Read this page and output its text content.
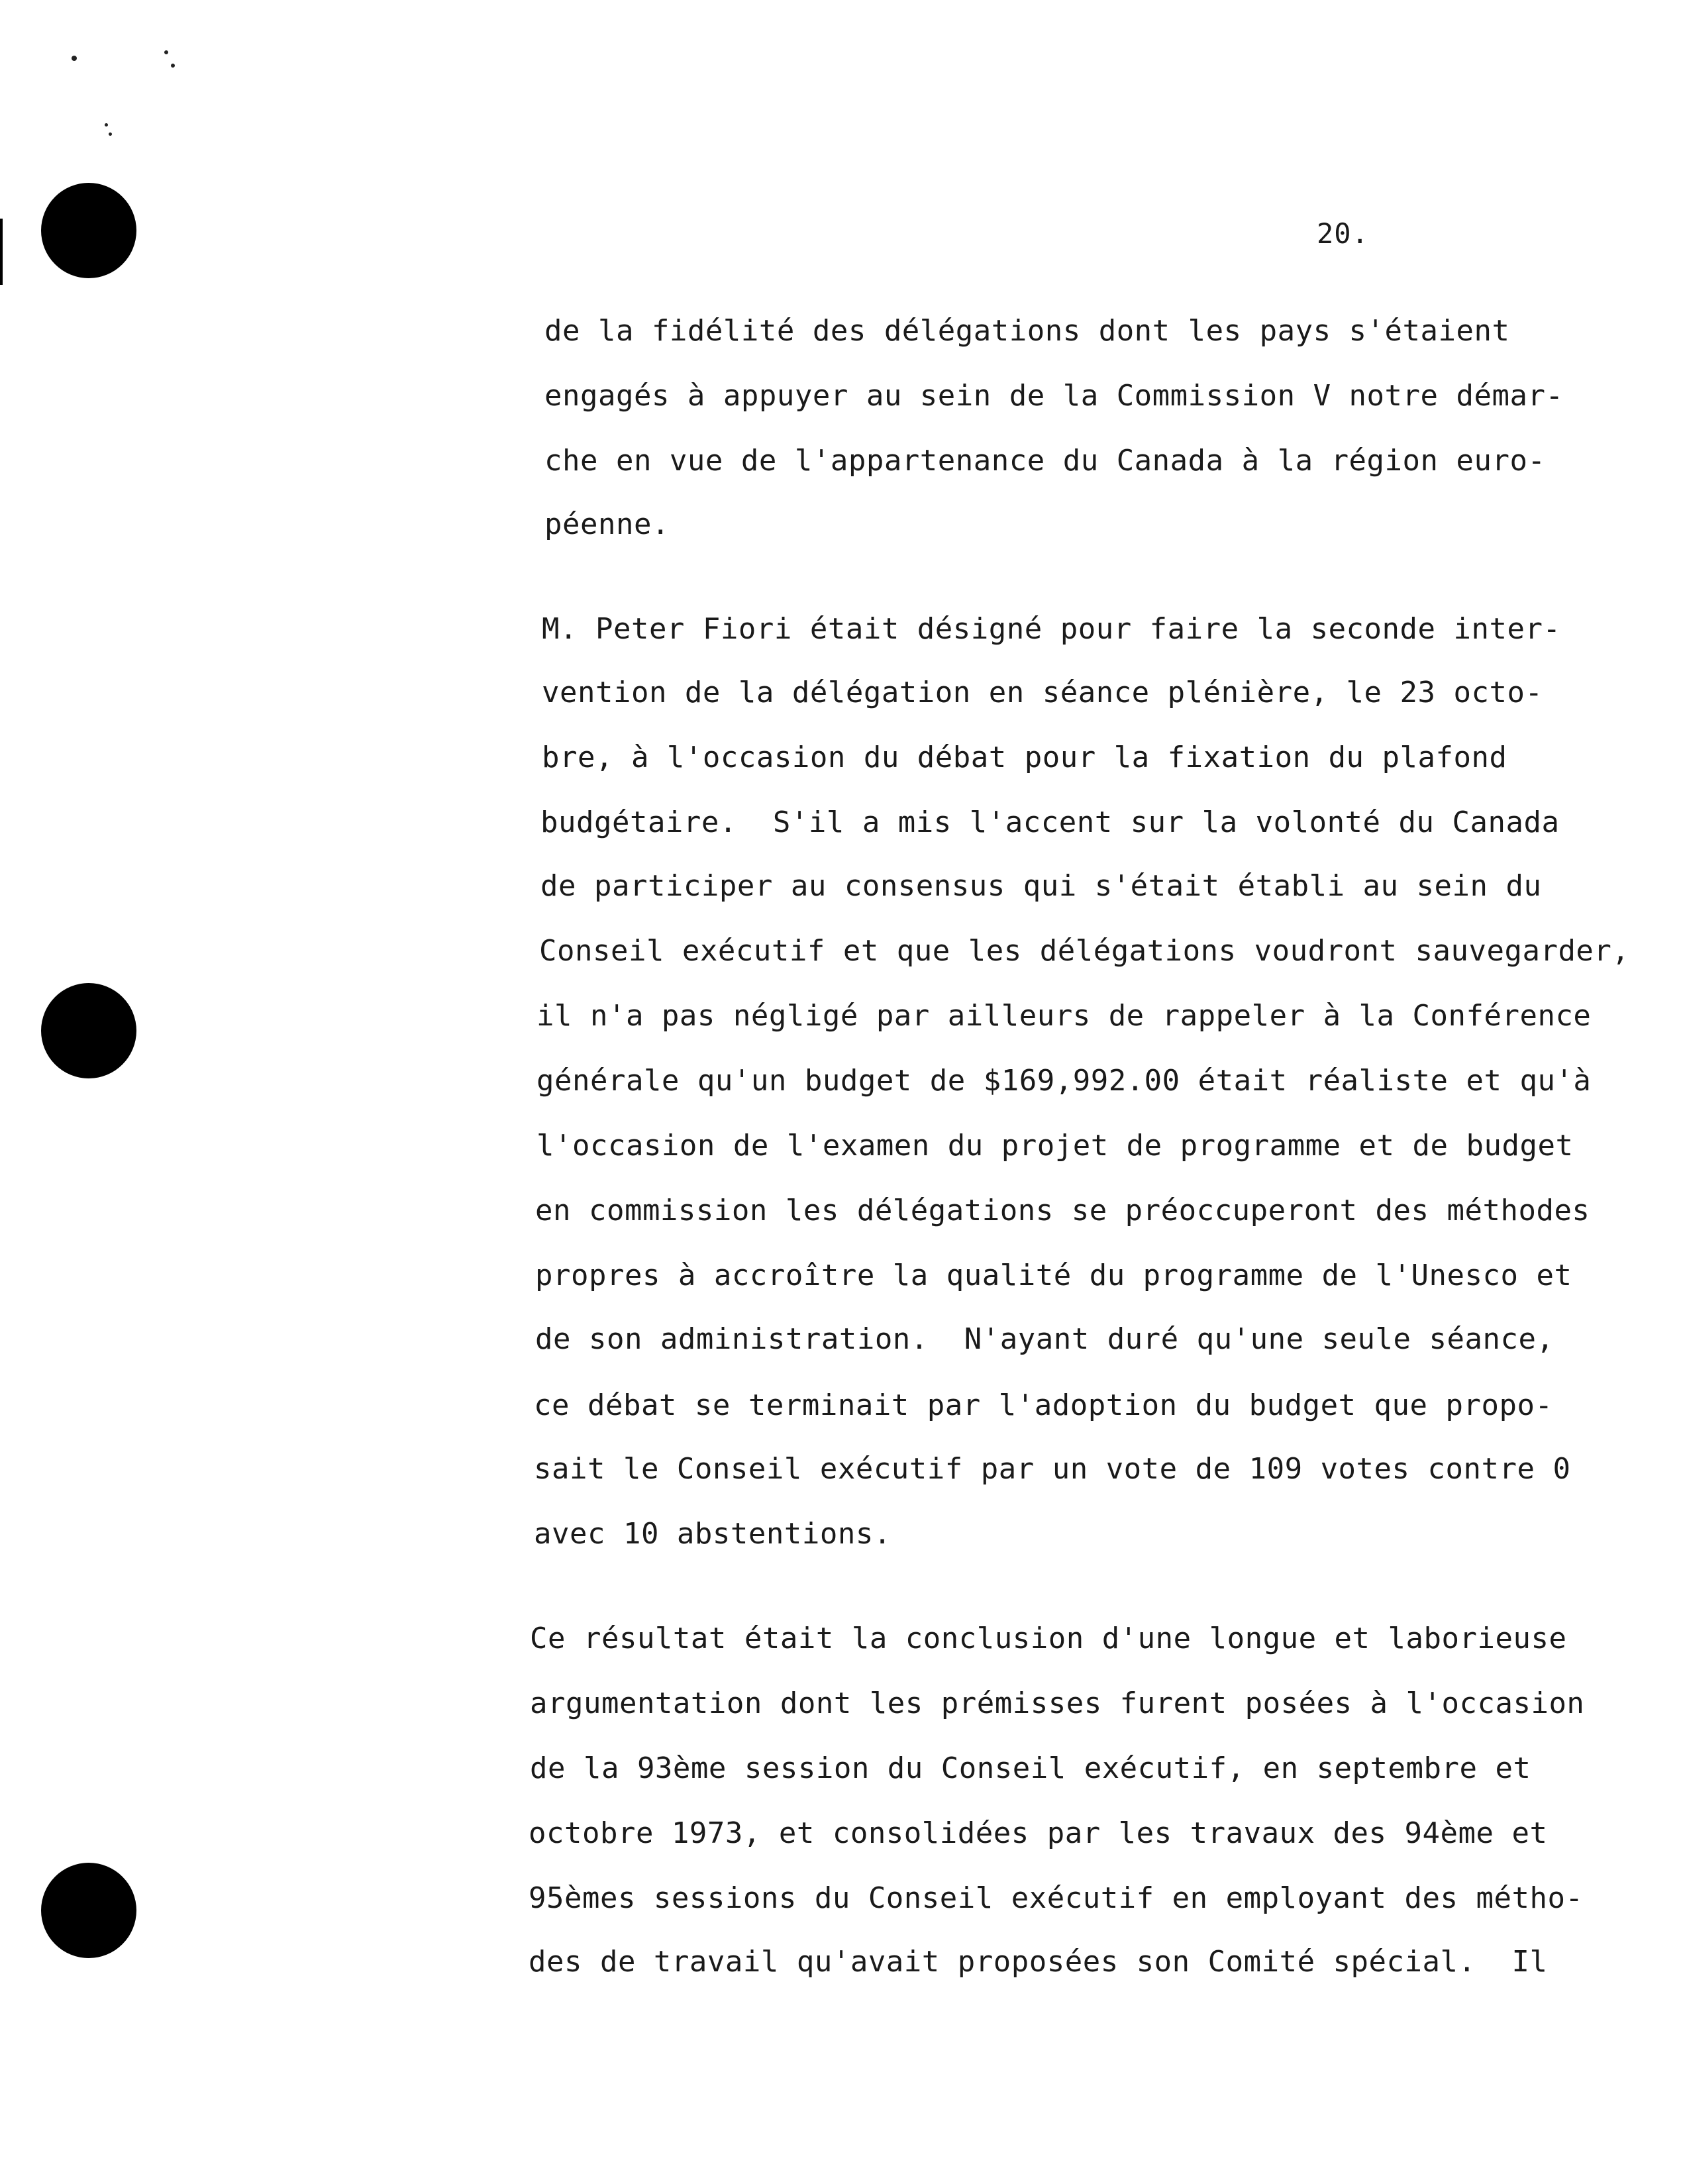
20.
de la fidélité des délégations dont les pays s'étaient
engagés à appuyer au sein de la Commission V notre démar-
che en vue de l'appartenance du Canada à la région euro-
péenne.
M. Peter Fiori était désigné pour faire la seconde inter-
vention de la délégation en séance plénière, le 23 octo-
bre, à l'occasion du débat pour la fixation du plafond
budgétaire.  S'il a mis l'accent sur la volonté du Canada
de participer au consensus qui s'était établi au sein du
Conseil exécutif et que les délégations voudront sauvegarder,
il n'a pas négligé par ailleurs de rappeler à la Conférence
générale qu'un budget de $169,992.00 était réaliste et qu'à
l'occasion de l'examen du projet de programme et de budget
en commission les délégations se préoccuperont des méthodes
propres à accroître la qualité du programme de l'Unesco et
de son administration.  N'ayant duré qu'une seule séance,
ce débat se terminait par l'adoption du budget que propo-
sait le Conseil exécutif par un vote de 109 votes contre 0
avec 10 abstentions.
Ce résultat était la conclusion d'une longue et laborieuse
argumentation dont les prémisses furent posées à l'occasion
de la 93ème session du Conseil exécutif, en septembre et
octobre 1973, et consolidées par les travaux des 94ème et
95èmes sessions du Conseil exécutif en employant des métho-
des de travail qu'avait proposées son Comité spécial.  Il
